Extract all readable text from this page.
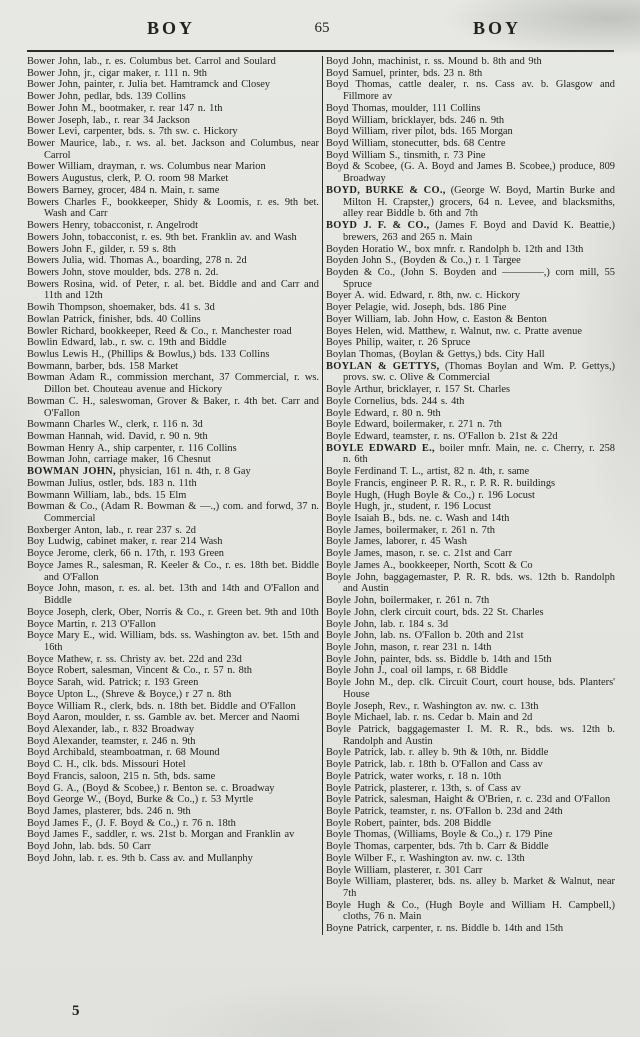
BOY	65	BOY
Bower John, lab., r. es. Columbus bet. Carrol and Soulard
Bower John, jr., cigar maker, r. 111 n. 9th
Bower John, painter, r. Julia bet. Hamtramck and Closey
Bower John, pedlar, bds. 139 Collins
Bower John M., bootmaker, r. rear 147 n. 1th
Bower Joseph, lab., r. rear 34 Jackson
Bower Levi, carpenter, bds. s. 7th sw. c. Hickory
Bower Maurice, lab., r. ws. al. bet. Jackson and Columbus, near Carrol
Bower William, drayman, r. ws. Columbus near Marion
Bowers Augustus, clerk, P. O. room 98 Market
Bowers Barney, grocer, 484 n. Main, r. same
Bowers Charles F., bookkeeper, Shidy & Loomis, r. es. 9th bet. Wash and Carr
Bowers Henry, tobacconist, r. Angelrodt
Bowers John, tobacconist, r. es. 9th bet. Franklin av. and Wash
Bowers John F., gilder, r. 59 s. 8th
Bowers Julia, wid. Thomas A., boarding, 278 n. 2d
Bowers John, stove moulder, bds. 278 n. 2d.
Bowers Rosina, wid. of Peter, r. al. bet. Biddle and and Carr and 11th and 12th
Bowih Thompson, shoemaker, bds. 41 s. 3d
Bowlan Patrick, finisher, bds. 40 Collins
Bowler Richard, bookkeeper, Reed & Co., r. Manchester road
Bowlin Edward, lab., r. sw. c. 19th and Biddle
Bowlus Lewis H., (Phillips & Bowlus,) bds. 133 Collins
Bowmann, barber, bds. 158 Market
Bowman Adam R., commission merchant, 37 Commercial, r. ws. Dillon bet. Chouteau avenue and Hickory
Bowman C. H., saleswoman, Grover & Baker, r. 4th bet. Carr and O'Fallon
Bowmann Charles W., clerk, r. 116 n. 3d
Bowman Hannah, wid. David, r. 90 n. 9th
Bowman Henry A., ship carpenter, r. 116 Collins
Bowman John, carriage maker, 16 Chesnut
BOWMAN JOHN, physician, 161 n. 4th, r. 8 Gay
Bowman Julius, ostler, bds. 183 n. 11th
Bowmann William, lab., bds. 15 Elm
Bowman & Co., (Adam R. Bowman & —.,) com. and forwd, 37 n. Commercial
Boxberger Anton, lab., r. rear 237 s. 2d
Boy Ludwig, cabinet maker, r. rear 214 Wash
Boyce Jerome, clerk, 66 n. 17th, r. 193 Green
Boyce James R., salesman, R. Keeler & Co., r. es. 18th bet. Biddle and O'Fallon
Boyce John, mason, r. es. al. bet. 13th and 14th and O'Fallon and Biddle
Boyce Joseph, clerk, Ober, Norris & Co., r. Green bet. 9th and 10th
Boyce Martin, r. 213 O'Fallon
Boyce Mary E., wid. William, bds. ss. Washington av. bet. 15th and 16th
Boyce Mathew, r. ss. Christy av. bet. 22d and 23d
Boyce Robert, salesman, Vincent & Co., r. 57 n. 8th
Boyce Sarah, wid. Patrick; r. 193 Green
Boyce Upton L., (Shreve & Boyce,) r 27 n. 8th
Boyce William R., clerk, bds. n. 18th bet. Biddle and O'Fallon
Boyd Aaron, moulder, r. ss. Gamble av. bet. Mercer and Naomi
Boyd Alexander, lab., r. 832 Broadway
Boyd Alexander, teamster, r. 246 n. 9th
Boyd Archibald, steamboatman, r. 68 Mound
Boyd C. H., clk. bds. Missouri Hotel
Boyd Francis, saloon, 215 n. 5th, bds. same
Boyd G. A., (Boyd & Scobee,) r. Benton se. c. Broadway
Boyd George W., (Boyd, Burke & Co.,) r. 53 Myrtle
Boyd James, plasterer, bds. 246 n. 9th
Boyd James F., (J. F. Boyd & Co.,) r. 76 n. 18th
Boyd James F., saddler, r. ws. 21st b. Morgan and Franklin av
Boyd John, lab. bds. 50 Carr
Boyd John, lab. r. es. 9th b. Cass av. and Mullanphy
Boyd John, machinist, r. ss. Mound b. 8th and 9th
Boyd Samuel, printer, bds. 23 n. 8th
Boyd Thomas, cattle dealer, r. ns. Cass av. b. Glasgow and Fillmore av
Boyd Thomas, moulder, 111 Collins
Boyd William, bricklayer, bds. 246 n. 9th
Boyd William, river pilot, bds. 165 Morgan
Boyd William, stonecutter, bds. 68 Centre
Boyd William S., tinsmith, r. 73 Pine
Boyd & Scobee, (G. A. Boyd and James B. Scobee,) produce, 809 Broadway
BOYD, BURKE & CO., (George W. Boyd, Martin Burke and Milton H. Crapster,) grocers, 64 n. Levee, and blacksmiths, alley rear Biddle b. 6th and 7th
BOYD J. F. & CO., (James F. Boyd and David K. Beattie,) brewers, 263 and 265 n. Main
Boyden Horatio W., box mnfr. r. Randolph b. 12th and 13th
Boyden John S., (Boyden & Co.,) r. 1 Targee
Boyden & Co., (John S. Boyden and ————,) corn mill, 55 Spruce
Boyer A. wid. Edward, r. 8th, nw. c. Hickory
Boyer Pelagie, wid. Joseph, bds. 186 Pine
Boyer William, lab. John How, c. Easton & Benton
Boyes Helen, wid. Matthew, r. Walnut, nw. c. Pratte avenue
Boyes Philip, waiter, r. 26 Spruce
Boylan Thomas, (Boylan & Gettys,) bds. City Hall
BOYLAN & GETTYS, (Thomas Boylan and Wm. P. Gettys,) provs. sw. c. Olive & Commercial
Boyle Arthur, bricklayer, r. 157 St. Charles
Boyle Cornelius, bds. 244 s. 4th
Boyle Edward, r. 80 n. 9th
Boyle Edward, boilermaker, r. 271 n. 7th
Boyle Edward, teamster, r. ns. O'Fallon b. 21st & 22d
BOYLE EDWARD E., boiler mnfr. Main, ne. c. Cherry, r. 258 n. 6th
Boyle Ferdinand T. L., artist, 82 n. 4th, r. same
Boyle Francis, engineer P. R. R., r. P. R. R. buildings
Boyle Hugh, (Hugh Boyle & Co.,) r. 196 Locust
Boyle Hugh, jr., student, r. 196 Locust
Boyle Isaiah B., bds. ne. c. Wash and 14th
Boyle James, boilermaker, r. 261 n. 7th
Boyle James, laborer, r. 45 Wash
Boyle James, mason, r. se. c. 21st and Carr
Boyle James A., bookkeeper, North, Scott & Co
Boyle John, baggagemaster, P. R. R. bds. ws. 12th b. Randolph and Austin
Boyle John, boilermaker, r. 261 n. 7th
Boyle John, clerk circuit court, bds. 22 St. Charles
Boyle John, lab. r. 184 s. 3d
Boyle John, lab. ns. O'Fallon b. 20th and 21st
Boyle John, mason, r. rear 231 n. 14th
Boyle John, painter, bds. ss. Biddle b. 14th and 15th
Boyle John J., coal oil lamps, r. 68 Biddle
Boyle John M., dep. clk. Circuit Court, court house, bds. Planters' House
Boyle Joseph, Rev., r. Washington av. nw. c. 13th
Boyle Michael, lab. r. ns. Cedar b. Main and 2d
Boyle Patrick, baggagemaster I. M. R. R., bds. ws. 12th b. Randolph and Austin
Boyle Patrick, lab. r. alley b. 9th & 10th, nr. Biddle
Boyle Patrick, lab. r. 18th b. O'Fallon and Cass av
Boyle Patrick, water works, r. 18 n. 10th
Boyle Patrick, plasterer, r. 13th, s. of Cass av
Boyle Patrick, salesman, Haight & O'Brien, r. c. 23d and O'Fallon
Boyle Patrick, teamster, r. ns. O'Fallon b. 23d and 24th
Boyle Robert, painter, bds. 208 Biddle
Boyle Thomas, (Williams, Boyle & Co.,) r. 179 Pine
Boyle Thomas, carpenter, bds. 7th b. Carr & Biddle
Boyle Wilber F., r. Washington av. nw. c. 13th
Boyle William, plasterer, r. 301 Carr
Boyle William, plasterer, bds. ns. alley b. Market & Walnut, near 7th
Boyle Hugh & Co., (Hugh Boyle and William H. Campbell,) cloths, 76 n. Main
Boyne Patrick, carpenter, r. ns. Biddle b. 14th and 15th
5
